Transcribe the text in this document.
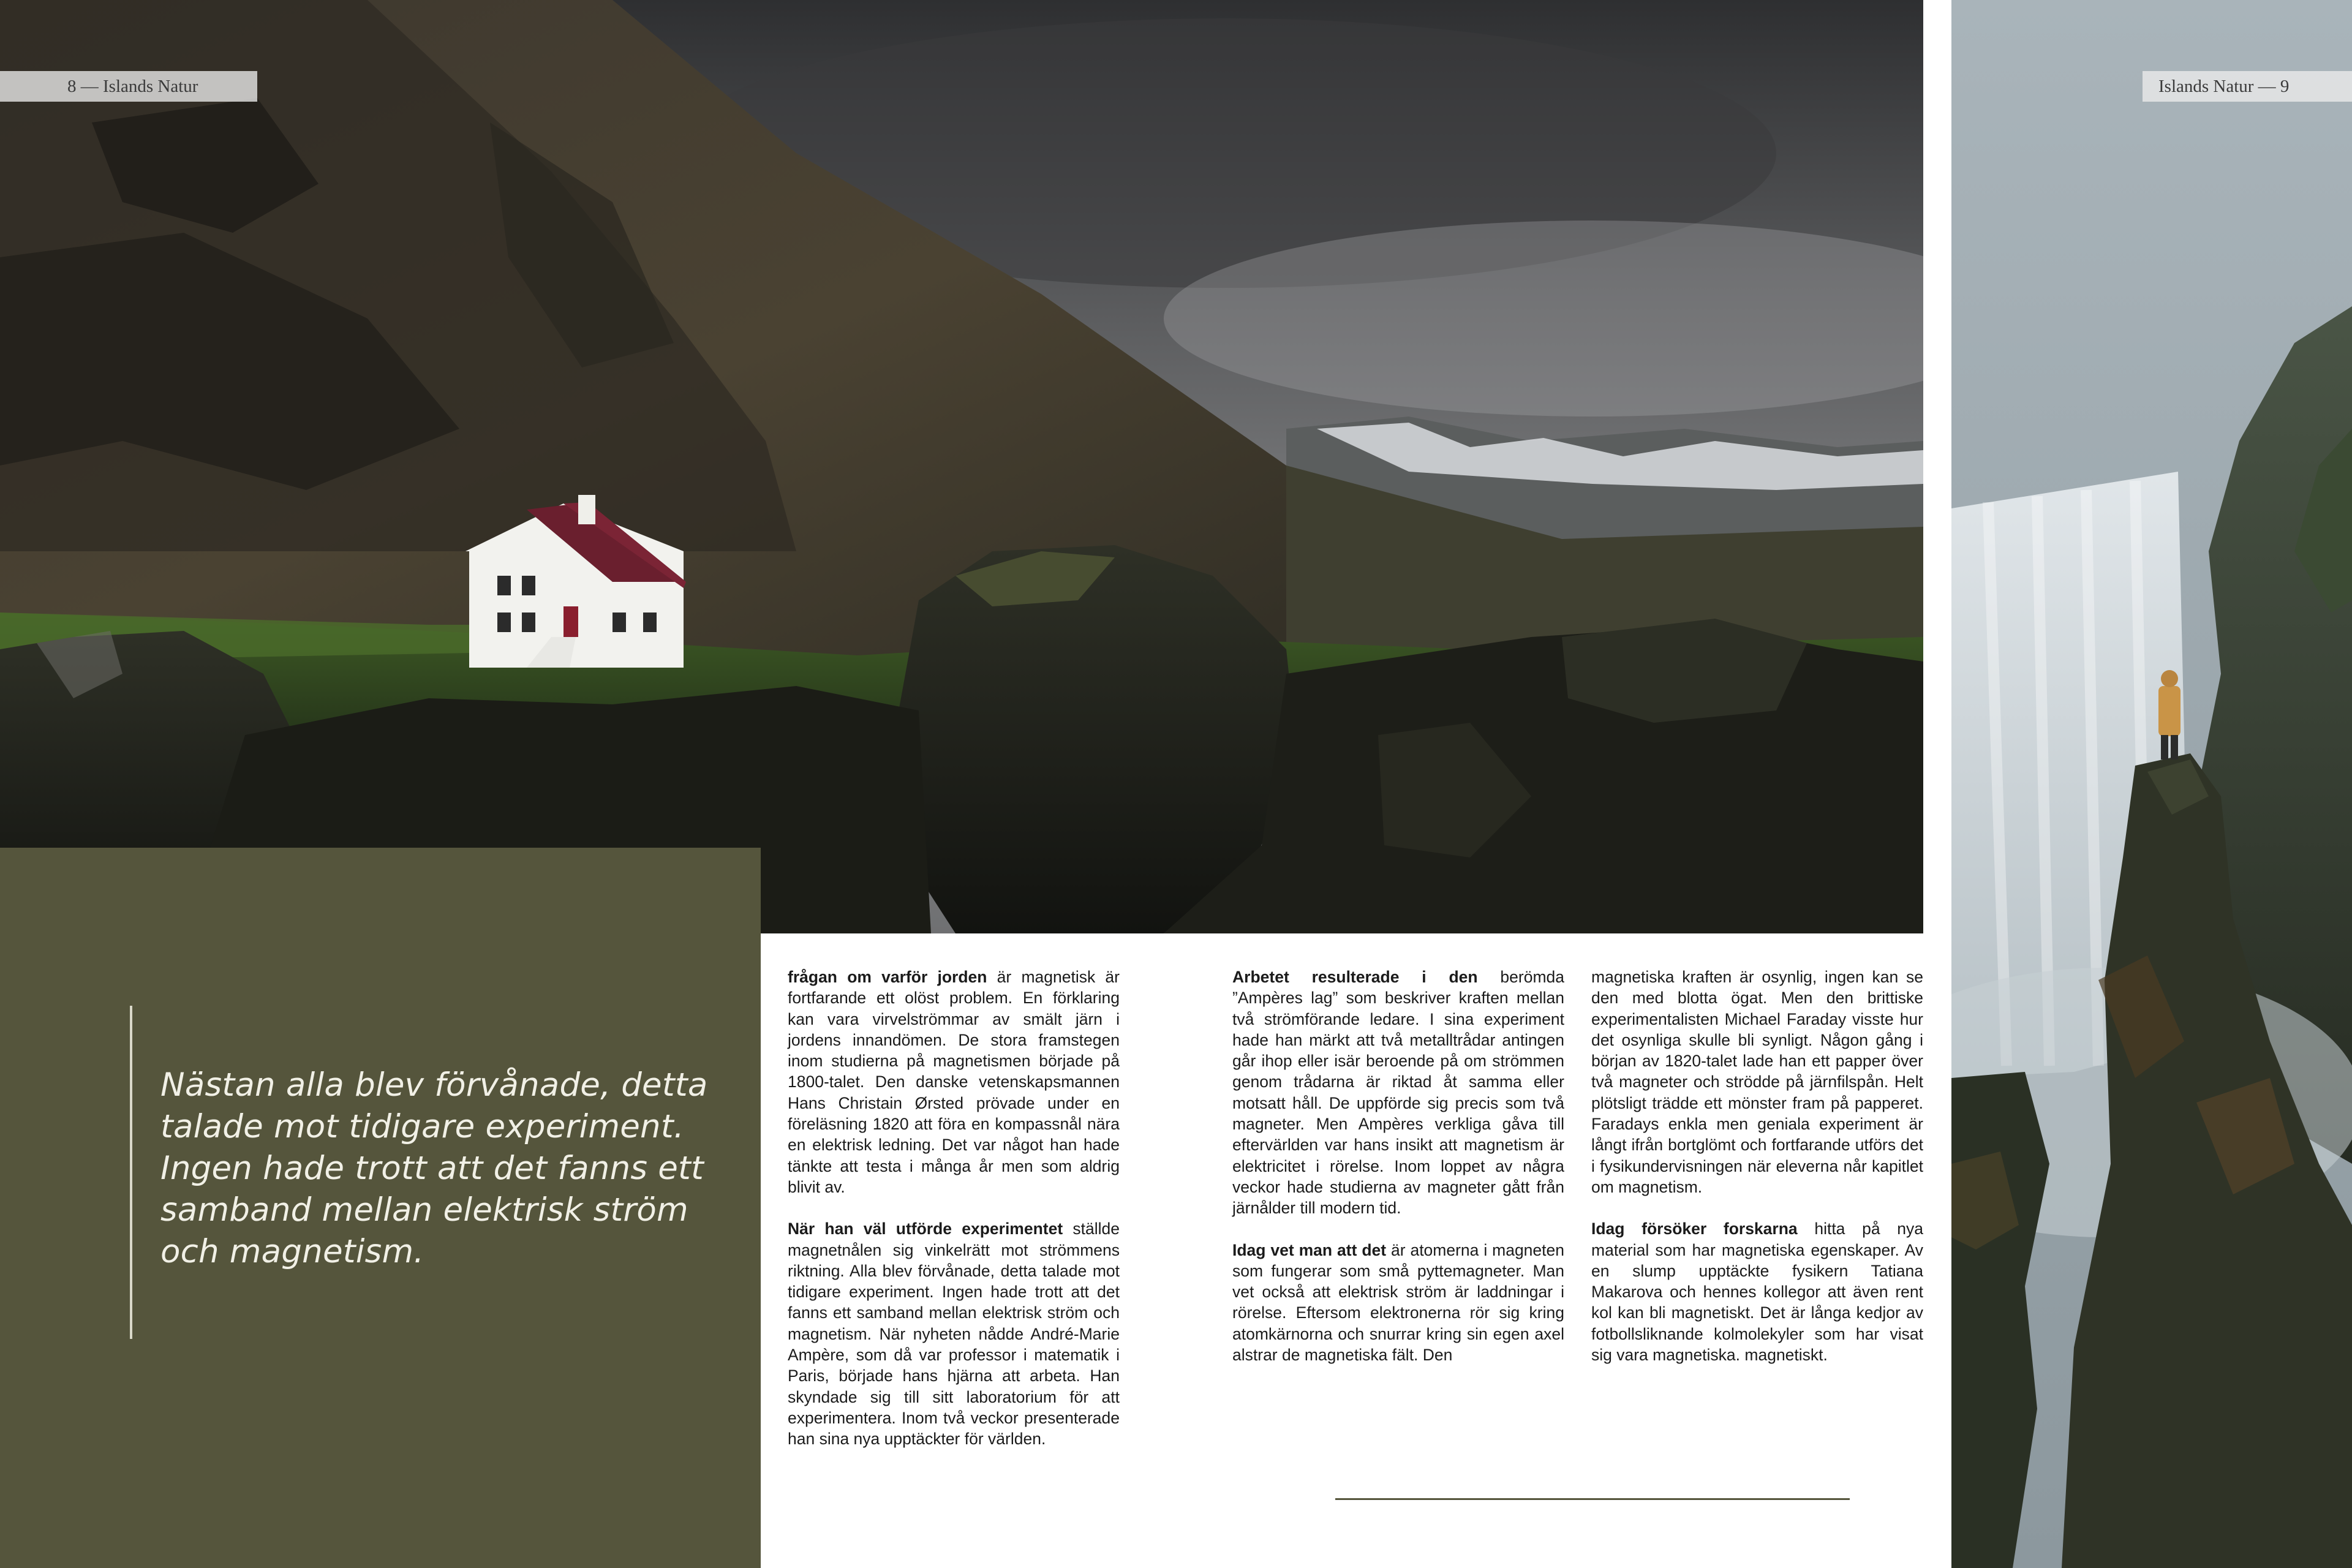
8 — Islands Natur	Islands Natur — 9

Nästan alla blev förvånade, detta talade mot tidigare experiment. Ingen hade trott att det fanns ett samband mellan elektrisk ström och magnetism.

frågan om varför jorden är magnetisk är fortfarande ett olöst problem. En förklaring kan vara virvelströmmar av smält järn i jordens innandömen. De stora framstegen inom studierna på magnetismen började på 1800-talet. Den danske vetenskapsmannen Hans Christain Ørsted prövade under en föreläsning 1820 att föra en kompassnål nära en elektrisk ledning. Det var något han hade tänkte att testa i många år men som aldrig blivit av.

När han väl utförde experimentet ställde magnetnålen sig vinkelrätt mot strömmens riktning. Alla blev förvånade, detta talade mot tidigare experiment. Ingen hade trott att det fanns ett samband mellan elektrisk ström och magnetism. När nyheten nådde André-Marie Ampère, som då var professor i matematik i Paris, började hans hjärna att arbeta. Han skyndade sig till sitt laboratorium för att experimentera. Inom två veckor presenterade han sina nya upptäckter för världen.

Arbetet resulterade i den berömda ”Ampères lag” som beskriver kraften mellan två strömförande ledare. I sina experiment hade han märkt att två metalltrådar antingen går ihop eller isär beroende på om strömmen genom trådarna är riktad åt samma eller motsatt håll. De uppförde sig precis som två magneter. Men Ampères verkliga gåva till eftervärlden var hans insikt att magnetism är elektricitet i rörelse. Inom loppet av några veckor hade studierna av magneter gått från järnålder till modern tid.

Idag vet man att det är atomerna i magneten som fungerar som små pyttemagneter. Man vet också att elektrisk ström är laddningar i rörelse. Eftersom elektronerna rör sig kring atomkärnorna och snurrar kring sin egen axel alstrar de magnetiska fält. Den

magnetiska kraften är osynlig, ingen kan se den med blotta ögat. Men den brittiske experimentalisten Michael Faraday visste hur det osynliga skulle bli synligt. Någon gång i början av 1820-talet lade han ett papper över två magneter och strödde på järnfilspån. Helt plötsligt trädde ett mönster fram på papperet. Faradays enkla men geniala experiment är långt ifrån bortglömt och fortfarande utförs det i fysikundervisningen när eleverna når kapitlet om magnetism.

Idag försöker forskarna hitta på nya material som har magnetiska egenskaper. Av en slump upptäckte fysikern Tatiana Makarova och hennes kollegor att även rent kol kan bli magnetiskt. Det är långa kedjor av fotbollsliknande kolmolekyler som har visat sig vara magnetiska. magnetiskt.
